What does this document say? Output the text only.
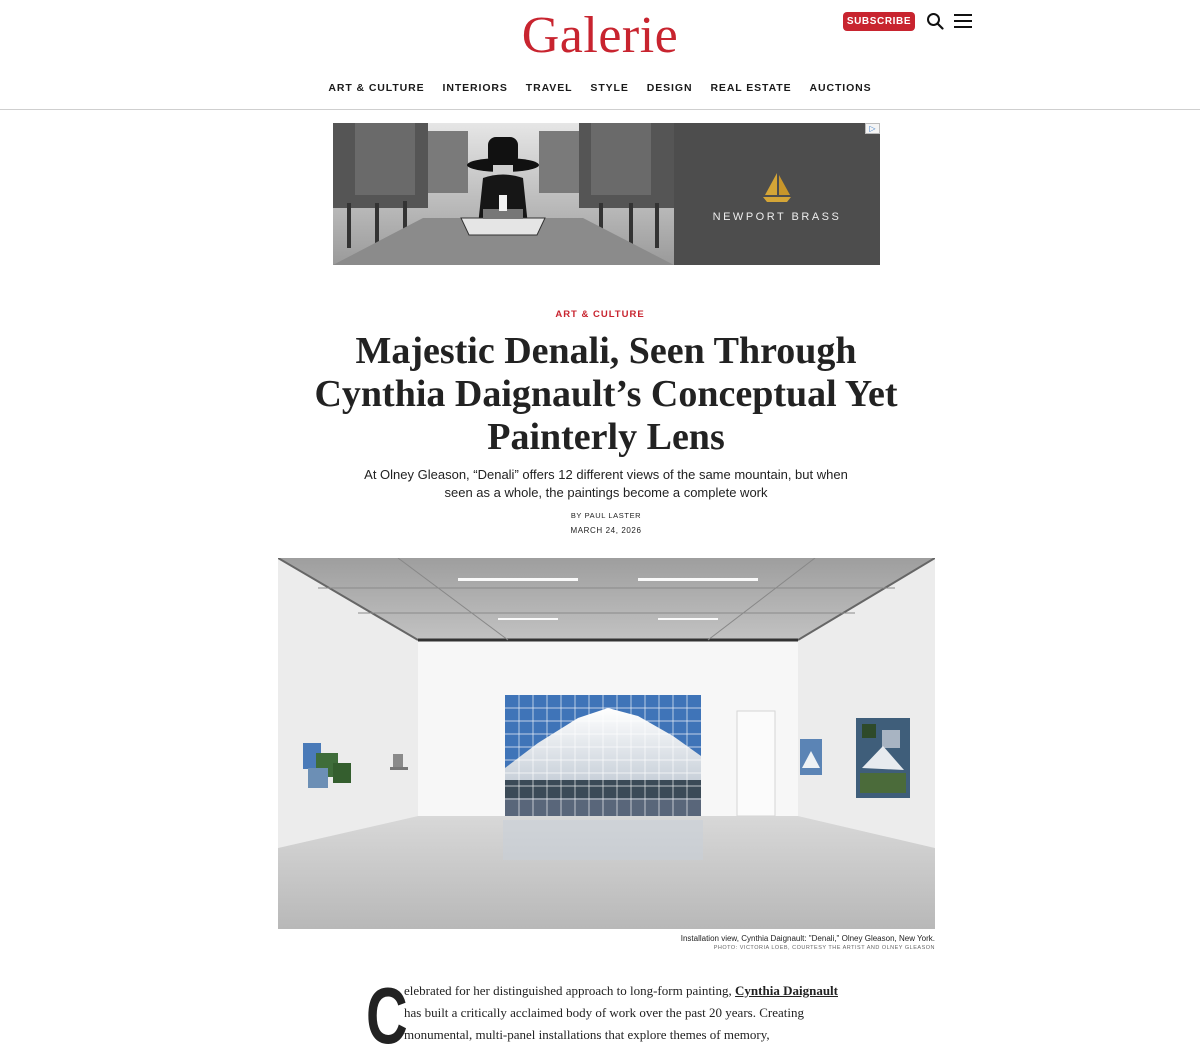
Galerie	SUBSCRIBE
ART & CULTURE INTERIORS TRAVEL STYLE DESIGN REAL ESTATE AUCTIONS
NEWPORT BRASS
▷
ART & CULTURE
Majestic Denali, Seen Through Cynthia Daignault’s Conceptual Yet Painterly Lens

At Olney Gleason, “Denali” offers 12 different views of the same mountain, but when seen as a whole, the paintings become a complete work

BY PAUL LASTER
MARCH 24, 2026
Installation view, Cynthia Daignault: "Denali," Olney Gleason, New York.
PHOTO: VICTORIA LOEB, COURTESY THE ARTIST AND OLNEY GLEASON
C

elebrated for her distinguished approach to long-form painting, Cynthia Daignault has built a critically acclaimed body of work over the past 20 years. Creating monumental, multi-panel installations that explore themes of memory,
